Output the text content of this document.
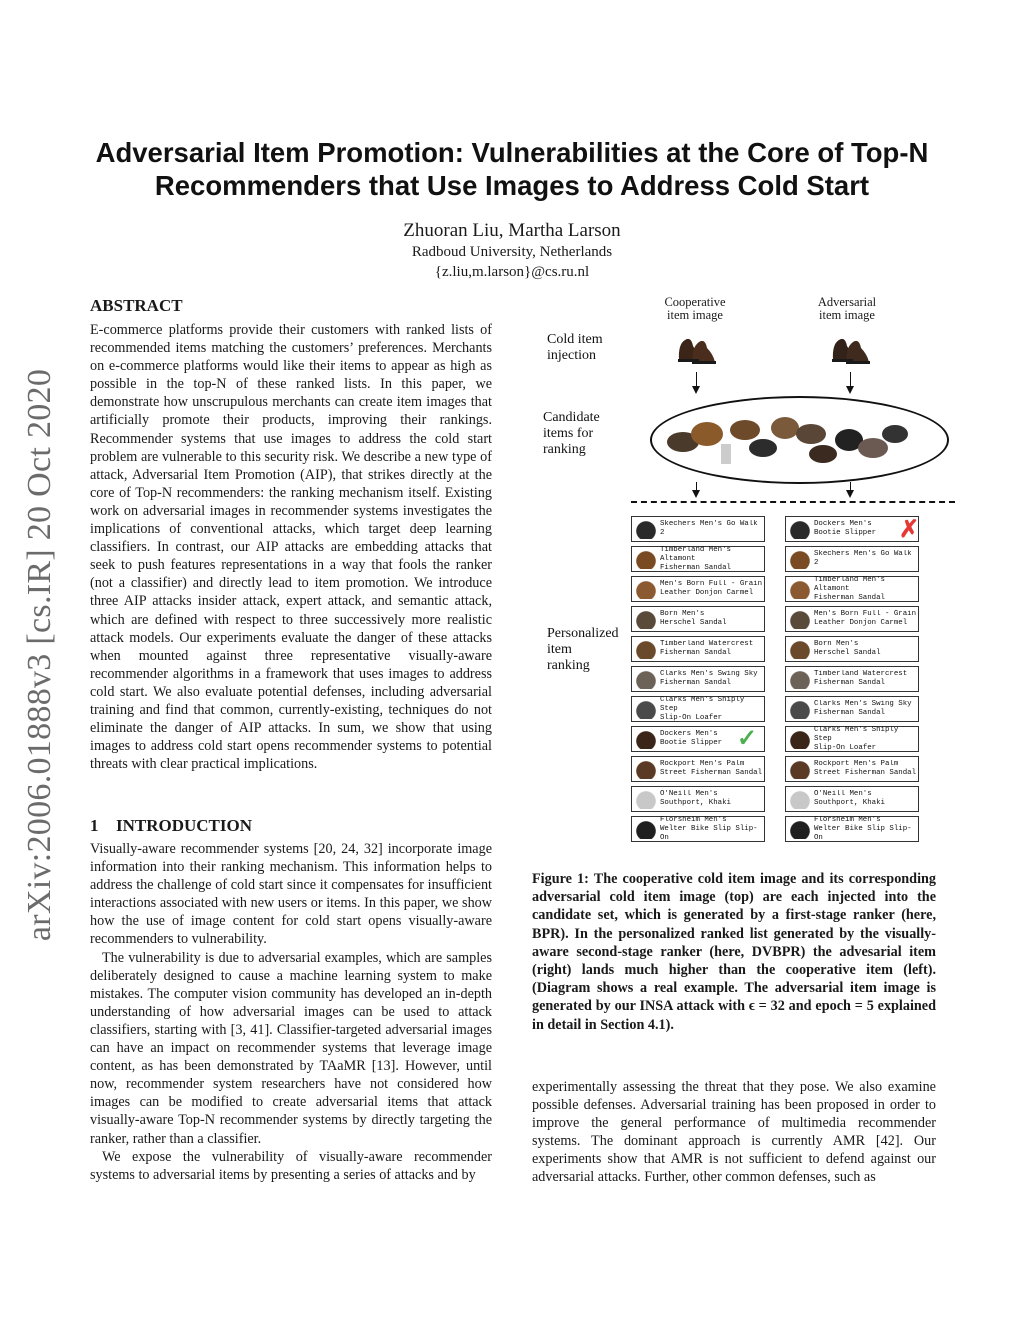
arXiv:2006.01888v3 [cs.IR] 20 Oct 2020
Adversarial Item Promotion: Vulnerabilities at the Core of Top-N Recommenders that Use Images to Address Cold Start
Zhuoran Liu, Martha Larson
Radboud University, Netherlands
{z.liu,m.larson}@cs.ru.nl
ABSTRACT

E-commerce platforms provide their customers with ranked lists of recommended items matching the customers’ preferences. Merchants on e-commerce platforms would like their items to appear as high as possible in the top-N of these ranked lists. In this paper, we demonstrate how unscrupulous merchants can create item images that artificially promote their products, improving their rankings. Recommender systems that use images to address the cold start problem are vulnerable to this security risk. We describe a new type of attack, Adversarial Item Promotion (AIP), that strikes directly at the core of Top-N recommenders: the ranking mechanism itself. Existing work on adversarial images in recommender systems investigates the implications of conventional attacks, which target deep learning classifiers. In contrast, our AIP attacks are embedding attacks that seek to push features representations in a way that fools the ranker (not a classifier) and directly lead to item promotion. We introduce three AIP attacks insider attack, expert attack, and semantic attack, which are defined with respect to three successively more realistic attack models. Our experiments evaluate the danger of these attacks when mounted against three representative visually-aware recommender algorithms in a framework that uses images to address cold start. We also evaluate potential defenses, including adversarial training and find that common, currently-existing, techniques do not eliminate the danger of AIP attacks. In sum, we show that using images to address cold start opens recommender systems to potential threats with clear practical implications.

1 INTRODUCTION

Visually-aware recommender systems [20, 24, 32] incorporate image information into their ranking mechanism. This information helps to address the challenge of cold start since it compensates for insufficient interactions associated with new users or items. In this paper, we show how the use of image content for cold start opens visually-aware recommenders to vulnerability.

The vulnerability is due to adversarial examples, which are samples deliberately designed to cause a machine learning system to make mistakes. The computer vision community has developed an in-depth understanding of how adversarial images can be used to attack classifiers, starting with [3, 41]. Classifier-targeted adversarial images can have an impact on recommender systems that leverage image content, as has been demonstrated by TAaMR [13]. However, until now, recommender system researchers have not considered how images can be modified to create adversarial items that attack visually-aware Top-N recommender systems by directly targeting the ranker, rather than a classifier.

We expose the vulnerability of visually-aware recommender systems to adversarial items by presenting a series of attacks and by

Cooperative
item image
Adversarial
item image
Cold item
injection
Candidate
items for
ranking
Personalized
item
ranking
Skechers Men's Go Walk 2
Timberland Men's Altamont
Fisherman Sandal
Men's Born Full - Grain
Leather Donjon Carmel
Born Men's
Herschel Sandal
Timberland Watercrest
Fisherman Sandal
Clarks Men's Swing Sky
Fisherman Sandal
Clarks Men's Shiply Step
Slip-On Loafer
Dockers Men's
Bootie Slipper
Rockport Men's Palm
Street Fisherman Sandal
O'Neill Men's
Southport, Khaki
Florsheim Men's
Welter Bike Slip Slip-On
Dockers Men's
Bootie Slipper
Skechers Men's Go Walk 2
Timberland Men's Altamont
Fisherman Sandal
Men's Born Full - Grain
Leather Donjon Carmel
Born Men's
Herschel Sandal
Timberland Watercrest
Fisherman Sandal
Clarks Men's Swing Sky
Fisherman Sandal
Clarks Men's Shiply Step
Slip-On Loafer
Rockport Men's Palm
Street Fisherman Sandal
O'Neill Men's
Southport, Khaki
Florsheim Men's
Welter Bike Slip Slip-On
✓
✗

Figure 1: The cooperative cold item image and its corresponding adversarial cold item image (top) are each injected into the candidate set, which is generated by a first-stage ranker (here, BPR). In the personalized ranked list generated by the visually-aware second-stage ranker (here, DVBPR) the advesarial item (right) lands much higher than the cooperative item (left). (Diagram shows a real example. The adversarial item image is generated by our INSA attack with ϵ = 32 and epoch = 5 explained in detail in Section 4.1).

experimentally assessing the threat that they pose. We also examine possible defenses. Adversarial training has been proposed in order to improve the general performance of multimedia recommender systems. The dominant approach is currently AMR [42]. Our experiments show that AMR is not sufficient to defend against our adversarial attacks. Further, other common defenses, such as
